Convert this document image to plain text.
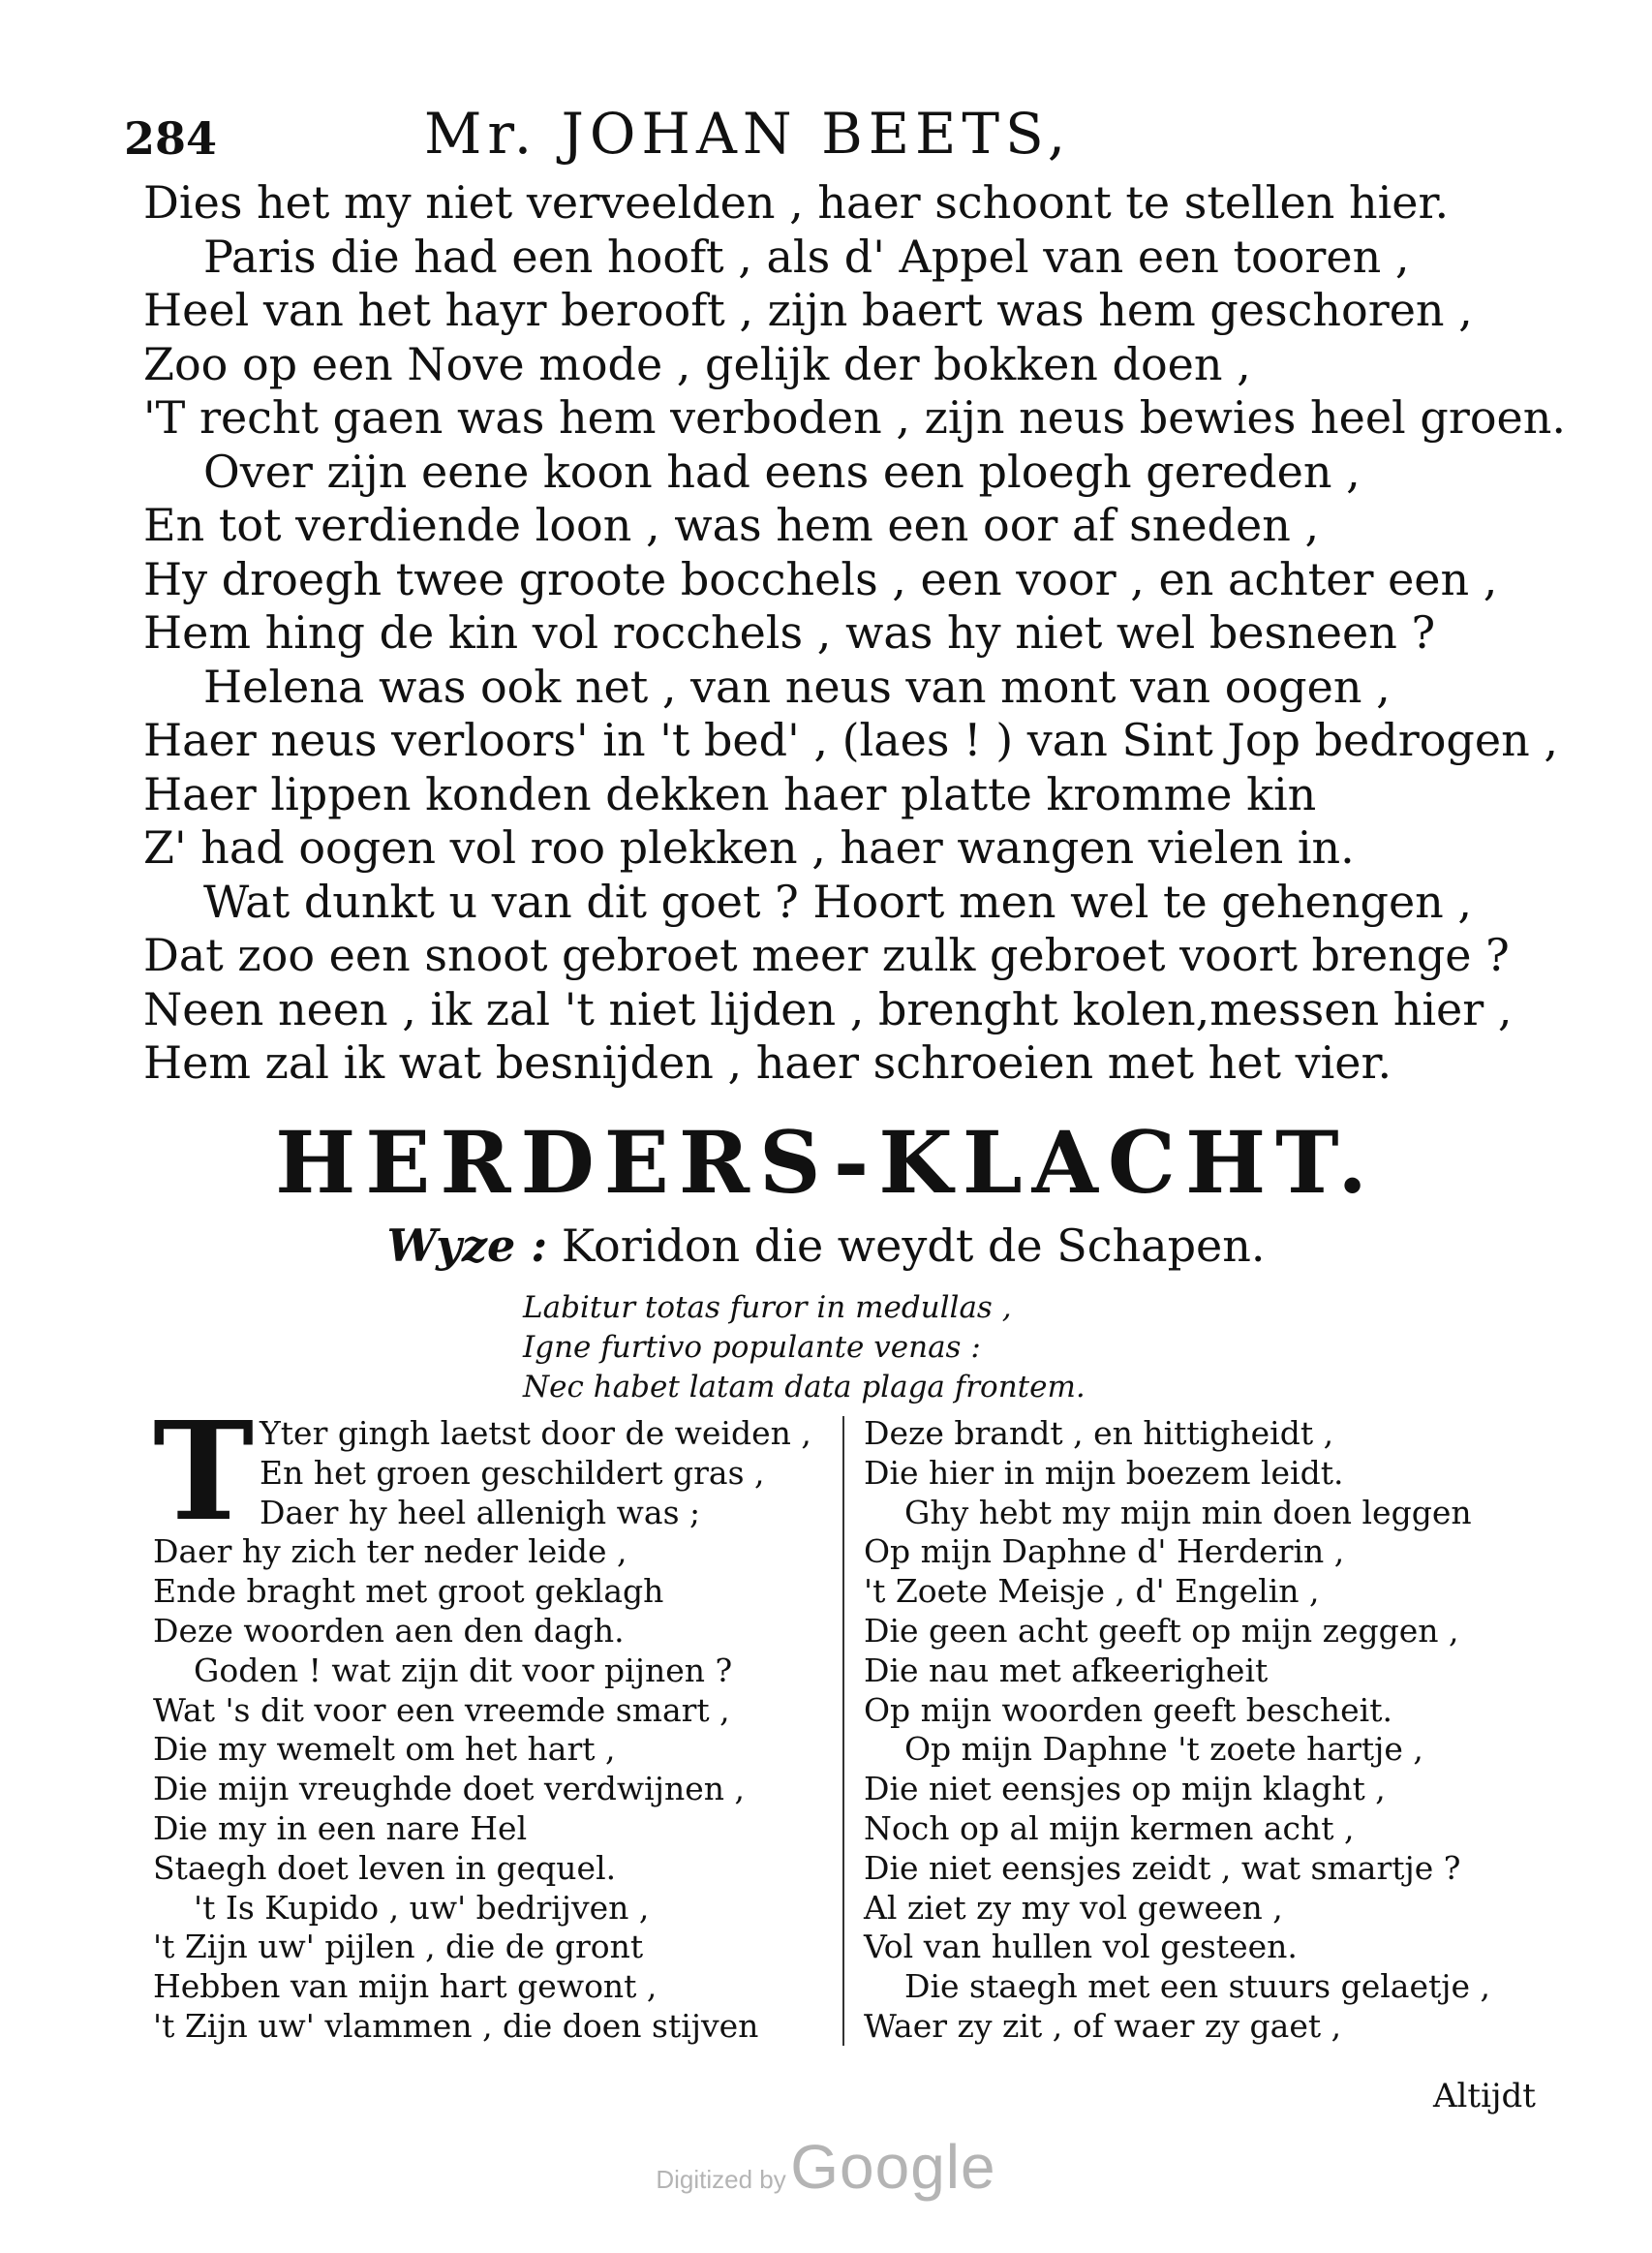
284	Mr. JOHAN BEETS,
Dies het my niet verveelden , haer schoont te stellen hier.
Paris die had een hooft , als d' Appel van een tooren ,
Heel van het hayr berooft , zijn baert was hem geschoren ,
Zoo op een Nove mode , gelijk der bokken doen ,
'T recht gaen was hem verboden , zijn neus bewies heel groen.
Over zijn eene koon had eens een ploegh gereden ,
En tot verdiende loon , was hem een oor af sneden ,
Hy droegh twee groote bocchels , een voor , en achter een ,
Hem hing de kin vol rocchels , was hy niet wel besneen ?
Helena was ook net , van neus van mont van oogen ,
Haer neus verloors' in 't bed' , (laes ! ) van Sint Jop bedrogen ,
Haer lippen konden dekken haer platte kromme kin
Z' had oogen vol roo plekken , haer wangen vielen in.
Wat dunkt u van dit goet ? Hoort men wel te gehengen ,
Dat zoo een snoot gebroet meer zulk gebroet voort brenge ?
Neen neen , ik zal 't niet lijden , brenght kolen,messen hier ,
Hem zal ik wat besnijden , haer schroeien met het vier.
HERDERS-KLACHT.
Wyze : Koridon die weydt de Schapen.
Labitur totas furor in medullas ,
Igne furtivo populante venas :
Nec habet latam data plaga frontem.
T Yter gingh laetst door de weiden ,
En het groen geschildert gras ,
Daer hy heel allenigh was ;
Daer hy zich ter neder leide ,
Ende braght met groot geklagh
Deze woorden aen den dagh.
Goden ! wat zijn dit voor pijnen ?
Wat 's dit voor een vreemde smart ,
Die my wemelt om het hart ,
Die mijn vreughde doet verdwijnen ,
Die my in een nare Hel
Staegh doet leven in gequel.
't Is Kupido , uw' bedrijven ,
't Zijn uw' pijlen , die de gront
Hebben van mijn hart gewont ,
't Zijn uw' vlammen , die doen stijven
Deze brandt , en hittigheidt ,
Die hier in mijn boezem leidt.
Ghy hebt my mijn min doen leggen
Op mijn Daphne d' Herderin ,
't Zoete Meisje , d' Engelin ,
Die geen acht geeft op mijn zeggen ,
Die nau met afkeerigheit
Op mijn woorden geeft bescheit.
Op mijn Daphne 't zoete hartje ,
Die niet eensjes op mijn klaght ,
Noch op al mijn kermen acht ,
Die niet eensjes zeidt , wat smartje ?
Al ziet zy my vol geween ,
Vol van hullen vol gesteen.
Die staegh met een stuurs gelaetje ,
Waer zy zit , of waer zy gaet ,
Altijdt
Digitized by Google
